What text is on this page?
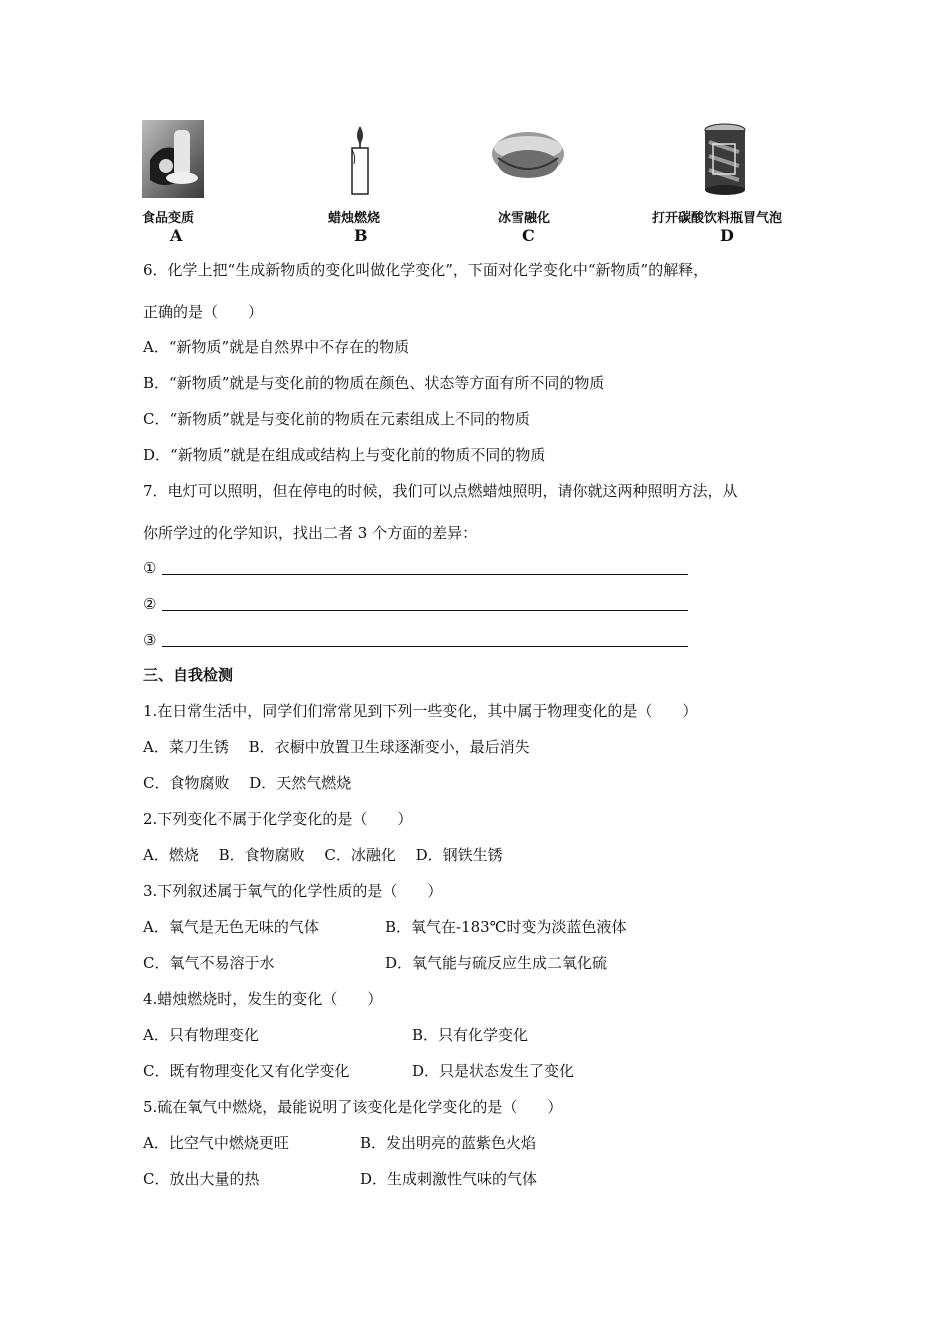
食品变质	蜡烛燃烧	冰雪融化	打开碳酸饮料瓶冒气泡
A	B	C	D
6．化学上把“生成新物质的变化叫做化学变化”，下面对化学变化中“新物质”的解释，
正确的是（　　）
A．“新物质”就是自然界中不存在的物质
B．“新物质”就是与变化前的物质在颜色、状态等方面有所不同的物质
C．“新物质”就是与变化前的物质在元素组成上不同的物质
D．“新物质”就是在组成或结构上与变化前的物质不同的物质
7．电灯可以照明，但在停电的时候，我们可以点燃蜡烛照明，请你就这两种照明方法，从
你所学过的化学知识，找出二者 3 个方面的差异：
①
②
③
三、自我检测
1.在日常生活中，同学们们常常见到下列一些变化，其中属于物理变化的是（　　）
A．菜刀生锈　 B．衣橱中放置卫生球逐渐变小，最后消失
C．食物腐败　 D．天然气燃烧
2.下列变化不属于化学变化的是（　　）
A．燃烧　 B．食物腐败　 C．冰融化　 D．钢铁生锈
3.下列叙述属于氧气的化学性质的是（　　）
A．氧气是无色无味的气体	B．氧气在-183℃时变为淡蓝色液体
C．氧气不易溶于水	D．氧气能与硫反应生成二氧化硫
4.蜡烛燃烧时，发生的变化（　　）
A．只有物理变化	B．只有化学变化
C．既有物理变化又有化学变化	D．只是状态发生了变化
5.硫在氧气中燃烧，最能说明了该变化是化学变化的是（　　）
A．比空气中燃烧更旺	B．发出明亮的蓝紫色火焰
C．放出大量的热	D．生成刺激性气味的气体
